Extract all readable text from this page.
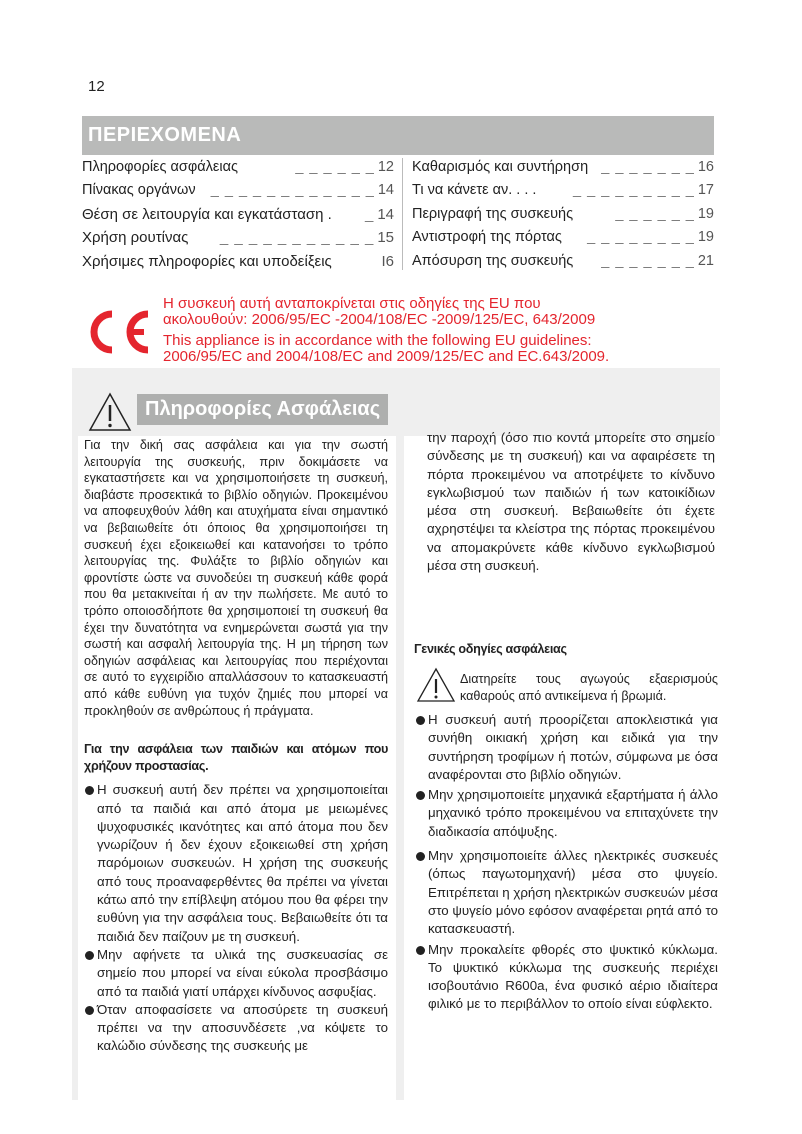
12
ΠΕΡΙΕΧΟΜΕΝΑ
Πληροφορίες ασφάλειας	_ _ _ _ _ _ 12
Πίνακας οργάνων	_ _ _ _ _ _ _ _ _ _ _ _ 14
Θέση σε λειτουργία και εγκατάσταση .	_ 14
Χρήση ρουτίνας	_ _ _ _ _ _ _ _ _ _ _ 15
Χρήσιμες πληροφορίες και υποδείξεις	I6
Καθαρισμός και συντήρηση _ _ _ _ _ _ _ 16
Τι να κάνετε αν. . . .	_ _ _ _ _ _ _ _ _ 17
Περιγραφή της συσκευής	_ _ _ _ _ _ 19
Αντιστροφή της πόρτας	_ _ _ _ _ _ _ _ 19
Απόσυρση της συσκευής	_ _ _ _ _ _ _ 21
Η συσκευή αυτή ανταποκρίνεται στις οδηγίες της EU που
ακολουθούν: 2006/95/EC -2004/108/EC -2009/125/EC, 643/2009
This appliance is in accordance with the following EU guidelines:
2006/95/EC and 2004/108/EC and 2009/125/EC and EC.643/2009.
Πληροφορίες Ασφάλειας

Για την δική σας ασφάλεια και για την σωστή λειτουργία της συσκευής, πριν δοκιμάσετε να εγκαταστήσετε και να χρησιμοποιήσετε τη συσκευή, διαβάστε προσεκτικά το βιβλίο οδηγιών. Προκειμένου να αποφευχθούν λάθη και ατυχήματα είναι σημαντικό να βεβαιωθείτε ότι όποιος θα χρησιμοποιήσει τη συσκευή έχει εξοικειωθεί και κατανοήσει το τρόπο λειτουργίας της. Φυλάξτε το βιβλίο οδηγιών και φροντίστε ώστε να συνοδεύει τη συσκευή κάθε φορά που θα μετακινείται ή αν την πωλήσετε. Με αυτό το τρόπο οποιοσδήποτε θα χρησιμοποιεί τη συσκευή θα έχει την δυνατότητα να ενημερώνεται σωστά για την σωστή και ασφαλή λειτουργία της. Η μη τήρηση των οδηγιών ασφάλειας και λειτουργίας που περιέχονται σε αυτό το εγχειρίδιο απαλλάσσουν το κατασκευαστή από κάθε ευθύνη για τυχόν ζημιές που μπορεί να προκληθούν σε ανθρώπους ή πράγματα.

Για την ασφάλεια των παιδιών και ατόμων που χρήζουν προστασίας.

Η συσκευή αυτή δεν πρέπει να χρησιμοποιείται από τα παιδιά και από άτομα με μειωμένες ψυχοφυσικές ικανότητες και από άτομα που δεν γνωρίζουν ή δεν έχουν εξοικειωθεί στη χρήση παρόμοιων συσκευών. Η χρήση της συσκευής από τους προαναφερθέντες θα πρέπει να γίνεται κάτω από την επίβλεψη ατόμου που θα φέρει την ευθύνη για την ασφάλεια τους. Βεβαιωθείτε ότι τα παιδιά δεν παίζουν με τη συσκευή.

Μην αφήνετε τα υλικά της συσκευασίας σε σημείο που μπορεί να είναι εύκολα προσβάσιμο από τα παιδιά γιατί υπάρχει κίνδυνος ασφυξίας.

Όταν αποφασίσετε να αποσύρετε τη συσκευή πρέπει να την αποσυνδέσετε ,να κόψετε το καλώδιο σύνδεσης της συσκευής με

την παροχή (όσο πιο κοντά μπορείτε στο σημείο σύνδεσης με τη συσκευή) και να αφαιρέσετε τη πόρτα προκειμένου να αποτρέψετε το κίνδυνο εγκλωβισμού των παιδιών ή των κατοικίδιων μέσα στη συσκευή. Βεβαιωθείτε ότι έχετε αχρηστέψει τα κλείστρα της πόρτας προκειμένου να απομακρύνετε κάθε κίνδυνο εγκλωβισμού μέσα στη συσκευή.

Γενικές οδηγίες ασφάλειας
Διατηρείτε τους αγωγούς εξαερισμούς καθαρούς από αντικείμενα ή βρωμιά.

Η συσκευή αυτή προορίζεται αποκλειστικά για συνήθη οικιακή χρήση και ειδικά για την συντήρηση τροφίμων ή ποτών, σύμφωνα με όσα αναφέρονται στο βιβλίο οδηγιών.

Μην χρησιμοποιείτε μηχανικά εξαρτήματα ή άλλο μηχανικό τρόπο προκειμένου να επιταχύνετε την διαδικασία απόψυξης.

Μην χρησιμοποιείτε άλλες ηλεκτρικές συσκευές (όπως παγωτομηχανή) μέσα στο ψυγείο. Επιτρέπεται η χρήση ηλεκτρικών συσκευών μέσα στο ψυγείο μόνο εφόσον αναφέρεται ρητά από το κατασκευαστή.

Μην προκαλείτε φθορές στο ψυκτικό κύκλωμα. Το ψυκτικό κύκλωμα της συσκευής περιέχει ισοβουτάνιο R600a, ένα φυσικό αέριο ιδιαίτερα φιλικό με το περιβάλλον το οποίο είναι εύφλεκτο.
